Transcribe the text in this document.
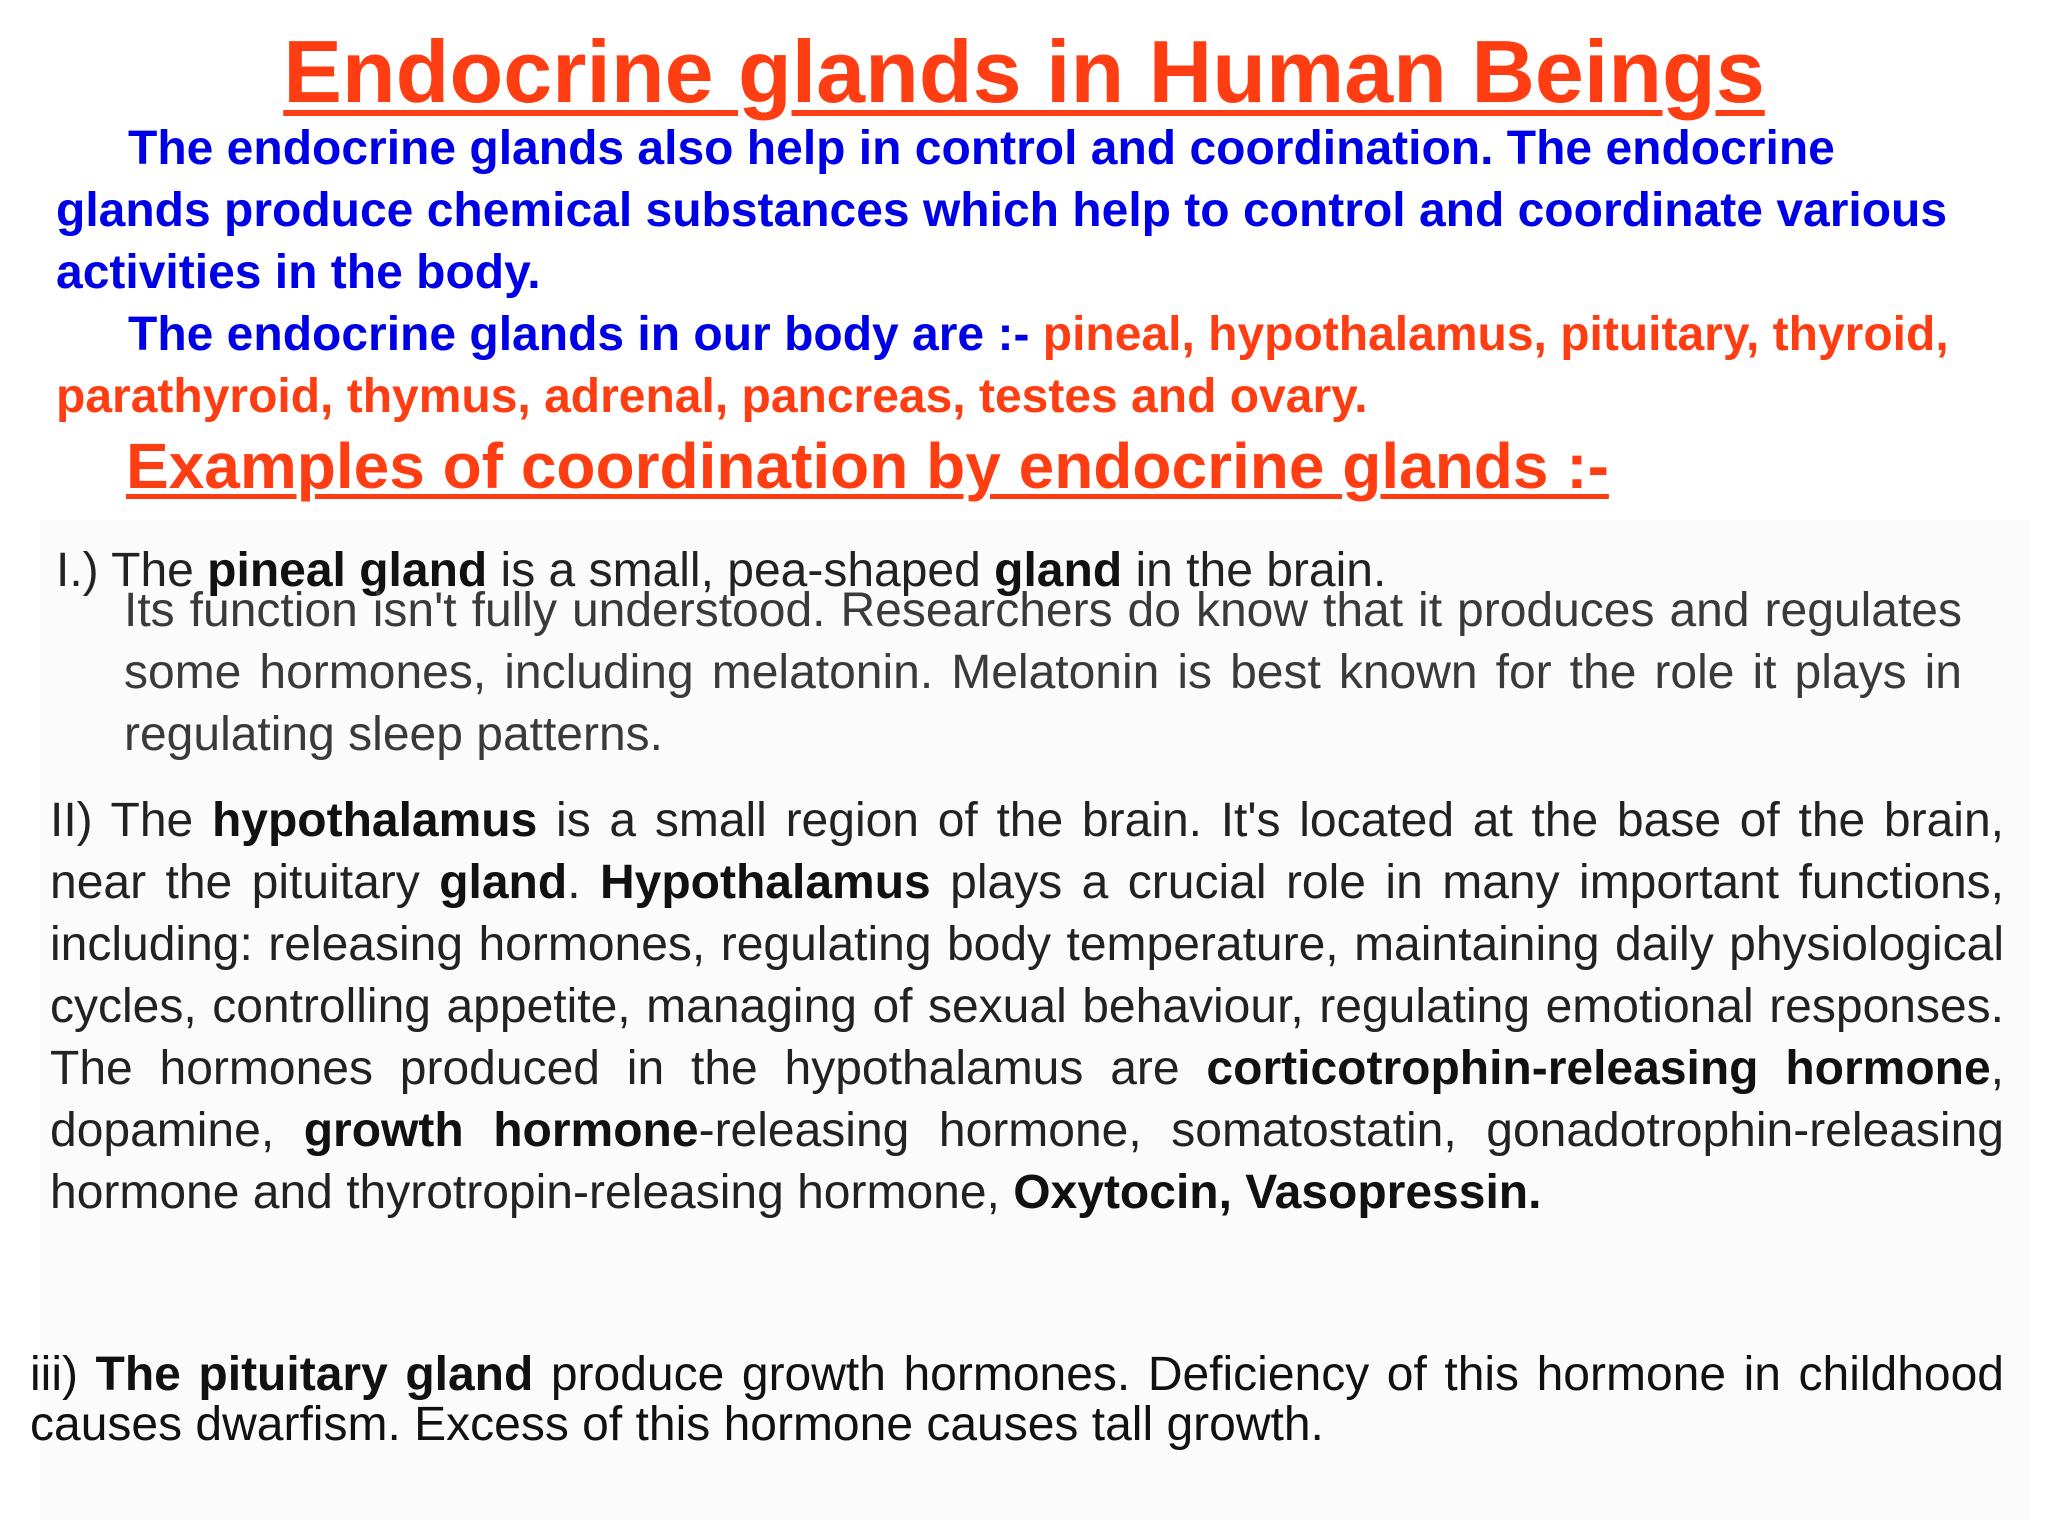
Endocrine glands in Human Beings

The endocrine glands also help in control and coordination. The endocrine glands produce chemical substances which help to control and coordinate various activities in the body.

The endocrine glands in our body are :- pineal, hypothalamus, pituitary, thyroid, parathyroid, thymus, adrenal, pancreas, testes and ovary.

Examples of coordination by endocrine glands :-

I.) The pineal gland is a small, pea-shaped gland in the brain.

Its function isn't fully understood. Researchers do know that it produces and regulates some hormones, including melatonin. Melatonin is best known for the role it plays in regulating sleep patterns.

II) The hypothalamus is a small region of the brain. It's located at the base of the brain, near the pituitary gland. Hypothalamus plays a crucial role in many important functions, including: releasing hormones, regulating body temperature, maintaining daily physiological cycles, controlling appetite, managing of sexual behaviour, regulating emotional responses. The hormones produced in the hypothalamus are corticotrophin-releasing hormone, dopamine, growth hormone-releasing hormone, somatostatin, gonadotrophin-releasing hormone and thyrotropin-releasing hormone, Oxytocin, Vasopressin.

iii) The pituitary gland produce growth hormones. Deficiency of this hormone in childhood causes dwarfism. Excess of this hormone causes tall growth.
